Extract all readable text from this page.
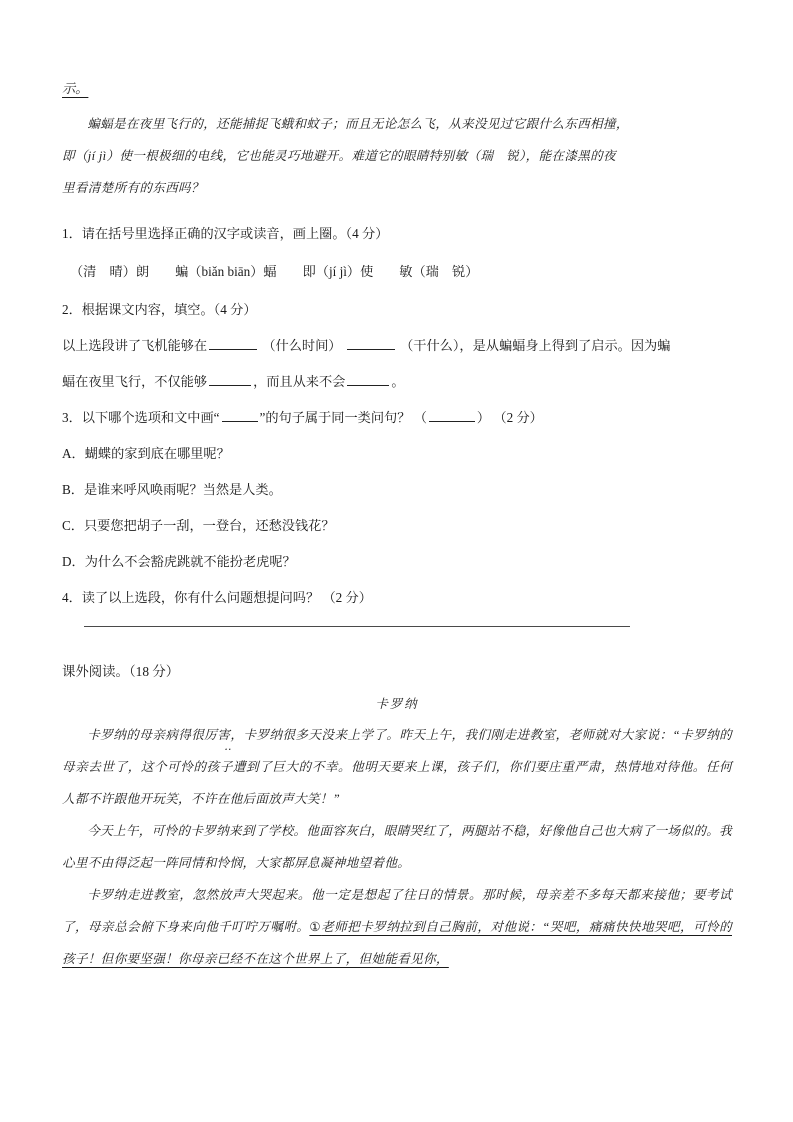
示。
蝙蝠是在夜里飞行的，还能捕捉飞蛾和蚊子；而且无论怎么飞，从来没见过它跟什么东西相撞，
即（jí jì）使一根极细的电线，它也能灵巧地避开。难道它的眼睛特别敏（瑞　锐），能在漆黑的夜
里看清楚所有的东西吗？
1．请在括号里选择正确的汉字或读音，画上圈。（4 分）
（清　晴）朗 蝙（biǎn biān）蝠 即（jí jì）使 敏（瑞　锐）
2．根据课文内容，填空。（4 分）
以上选段讲了飞机能够在	（什么时间）	（干什么），是从蝙蝠身上得到了启示。因为蝙
蝠在夜里飞行，不仅能够	，而且从来不会	。
3．以下哪个选项和文中画“	”的句子属于同一类问句？ （	） （2 分）
A．蝴蝶的家到底在哪里呢？
B．是谁来呼风唤雨呢？当然是人类。
C．只要您把胡子一刮，一登台，还愁没钱花？
D．为什么不会豁虎跳就不能扮老虎呢？
4．读了以上选段，你有什么问题想提问吗？ （2 分）
课外阅读。（18 分）
卡罗纳
卡罗纳的母亲病得很厉害 ‥，卡罗纳很多天没来上学了。昨天上午，我们刚走进教室，老师就对大家说：“卡罗纳的母亲去世了，这个可怜的孩子遭到了巨大的不幸。他明天要来上课，孩子们，你们要庄重严肃，热情地对待他。任何人都不许跟他开玩笑，不许在他后面放声大笑！”
今天上午，可怜的卡罗纳来到了学校。他面容灰白，眼睛哭红了，两腿站不稳，好像他自己也大病了一场似的。我心里不由得泛起一阵同情和怜悯，大家都屏息凝神地望着他。
卡罗纳走进教室，忽然放声大哭起来。他一定是想起了往日的情景。那时候，母亲差不多每天都来接他；要考试了，母亲总会俯下身来向他千叮咛万嘱咐。①老师把卡罗纳拉到自己胸前，对他说：“哭吧，痛痛快快地哭吧，可怜的孩子！但你要坚强！你母亲已经不在这个世界上了，但她能看见你，
